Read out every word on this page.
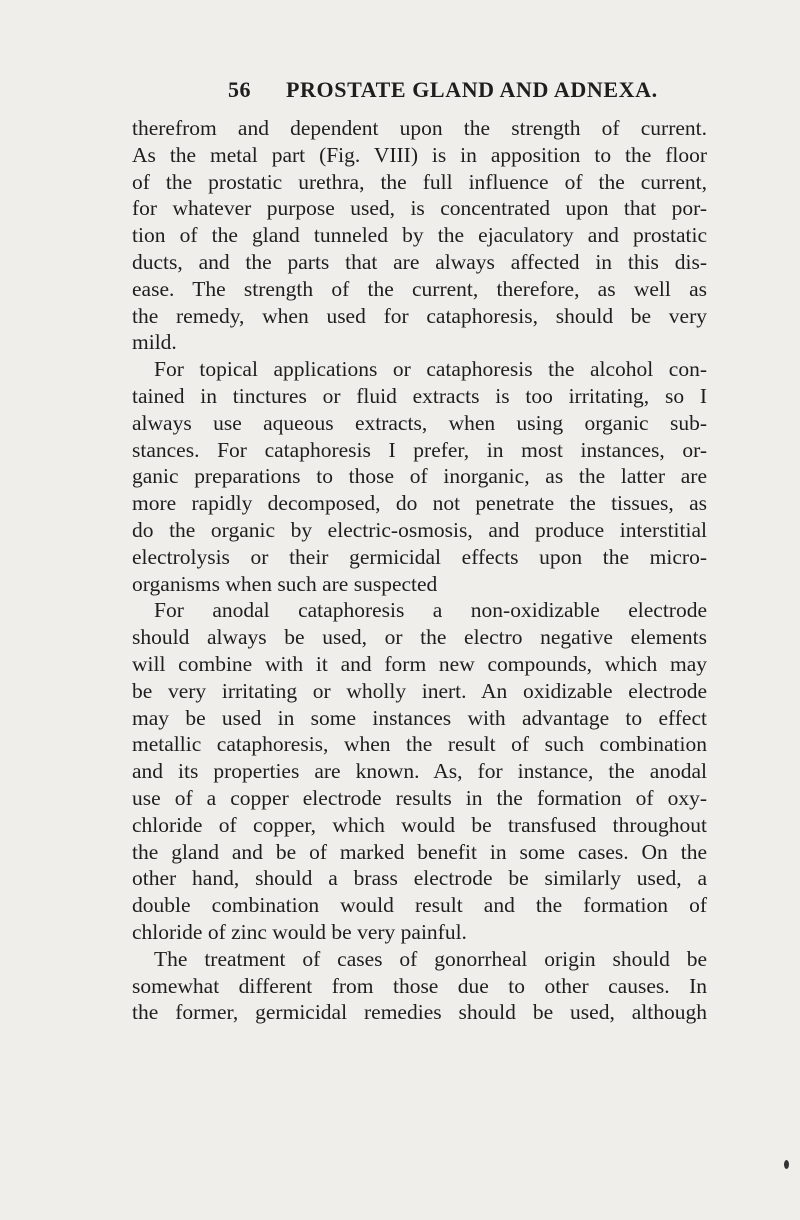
56 PROSTATE GLAND AND ADNEXA.
therefrom and dependent upon the strength of current.
As the metal part (Fig. VIII) is in apposition to the floor
of the prostatic urethra, the full influence of the current,
for whatever purpose used, is concentrated upon that por-
tion of the gland tunneled by the ejaculatory and prostatic
ducts, and the parts that are always affected in this dis-
ease. The strength of the current, therefore, as well as
the remedy, when used for cataphoresis, should be very
mild.
For topical applications or cataphoresis the alcohol con-
tained in tinctures or fluid extracts is too irritating, so I
always use aqueous extracts, when using organic sub-
stances. For cataphoresis I prefer, in most instances, or-
ganic preparations to those of inorganic, as the latter are
more rapidly decomposed, do not penetrate the tissues, as
do the organic by electric-osmosis, and produce interstitial
electrolysis or their germicidal effects upon the micro-
organisms when such are suspected
For anodal cataphoresis a non-oxidizable electrode
should always be used, or the electro negative elements
will combine with it and form new compounds, which may
be very irritating or wholly inert. An oxidizable electrode
may be used in some instances with advantage to effect
metallic cataphoresis, when the result of such combination
and its properties are known. As, for instance, the anodal
use of a copper electrode results in the formation of oxy-
chloride of copper, which would be transfused throughout
the gland and be of marked benefit in some cases. On the
other hand, should a brass electrode be similarly used, a
double combination would result and the formation of
chloride of zinc would be very painful.
The treatment of cases of gonorrheal origin should be
somewhat different from those due to other causes. In
the former, germicidal remedies should be used, although
